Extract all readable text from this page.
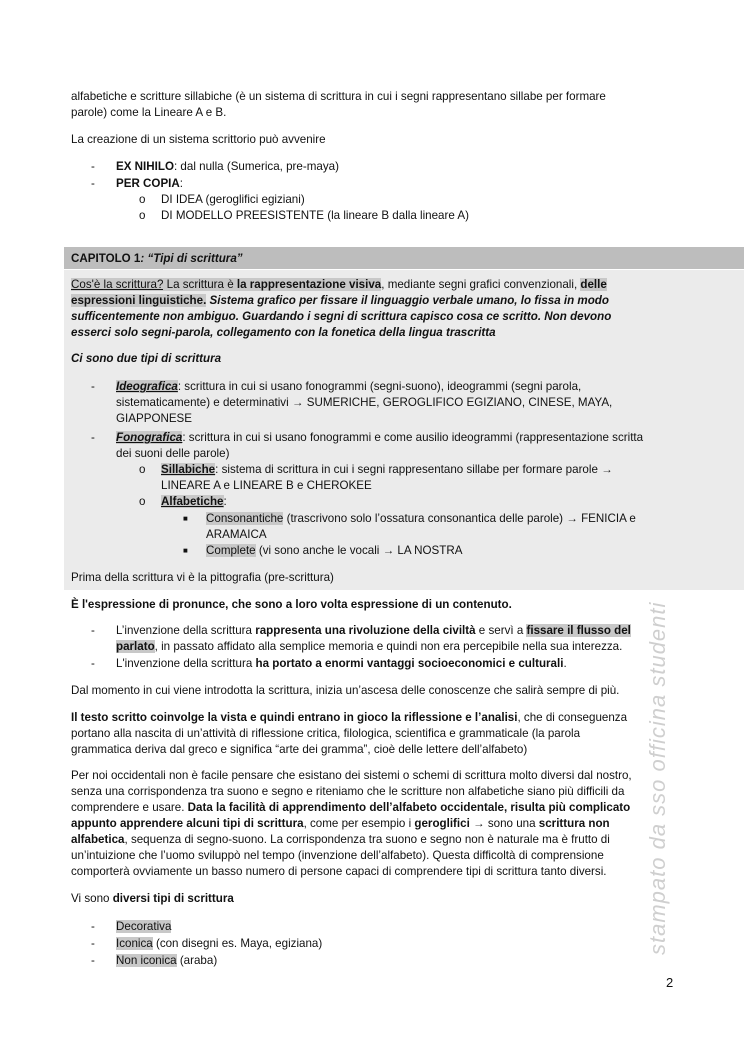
alfabetiche e scritture sillabiche (è un sistema di scrittura in cui i segni rappresentano sillabe per formare
parole) come la Lineare A e B.

La creazione di un sistema scrittorio può avvenire

- EX NIHILO: dal nulla (Sumerica, pre-maya)

- PER COPIA:

o DI IDEA (geroglifici egiziani)

o DI MODELLO PREESISTENTE (la lineare B dalla lineare A)

CAPITOLO 1: “Tipi di scrittura”

Cos'è la scrittura? La scrittura è la rappresentazione visiva, mediante segni grafici convenzionali, delle
espressioni linguistiche. Sistema grafico per fissare il linguaggio verbale umano, lo fissa in modo
sufficentemente non ambiguo. Guardando i segni di scrittura capisco cosa ce scritto. Non devono
esserci solo segni-parola, collegamento con la fonetica della lingua trascritta

Ci sono due tipi di scrittura

- Ideografica: scrittura in cui si usano fonogrammi (segni-suono), ideogrammi (segni parola,
sistematicamente) e determinativi → SUMERICHE, GEROGLIFICO EGIZIANO, CINESE, MAYA,
GIAPPONESE

- Fonografica: scrittura in cui si usano fonogrammi e come ausilio ideogrammi (rappresentazione scritta
dei suoni delle parole)

o Sillabiche: sistema di scrittura in cui i segni rappresentano sillabe per formare parole →
LINEARE A e LINEARE B e CHEROKEE

o Alfabetiche:

■ Consonantiche (trascrivono solo l’ossatura consonantica delle parole) → FENICIA e
ARAMAICA

■ Complete (vi sono anche le vocali → LA NOSTRA

Prima della scrittura vi è la pittografia (pre-scrittura)

È l'espressione di pronunce, che sono a loro volta espressione di un contenuto.

- L’invenzione della scrittura rappresenta una rivoluzione della civiltà e servì a fissare il flusso del
parlato, in passato affidato alla semplice memoria e quindi non era percepibile nella sua interezza.

- L'invenzione della scrittura ha portato a enormi vantaggi socioeconomici e culturali.

Dal momento in cui viene introdotta la scrittura, inizia un’ascesa delle conoscenze che salirà sempre di più.

Il testo scritto coinvolge la vista e quindi entrano in gioco la riflessione e l’analisi, che di conseguenza
portano alla nascita di un’attività di riflessione critica, filologica, scientifica e grammaticale (la parola
grammatica deriva dal greco e significa “arte dei gramma”, cioè delle lettere dell’alfabeto)

Per noi occidentali non è facile pensare che esistano dei sistemi o schemi di scrittura molto diversi dal nostro,
senza una corrispondenza tra suono e segno e riteniamo che le scritture non alfabetiche siano più difficili da
comprendere e usare. Data la facilità di apprendimento dell’alfabeto occidentale, risulta più complicato
appunto apprendere alcuni tipi di scrittura, come per esempio i geroglifici → sono una scrittura non
alfabetica, sequenza di segno-suono. La corrispondenza tra suono e segno non è naturale ma è frutto di
un’intuizione che l’uomo sviluppò nel tempo (invenzione dell’alfabeto). Questa difficoltà di comprensione
comporterà ovviamente un basso numero di persone capaci di comprendere tipi di scrittura tanto diversi.

Vi sono diversi tipi di scrittura

- Decorativa

- Iconica (con disegni es. Maya, egiziana)

- Non iconica (araba)

stampato da sso officina studenti
2
